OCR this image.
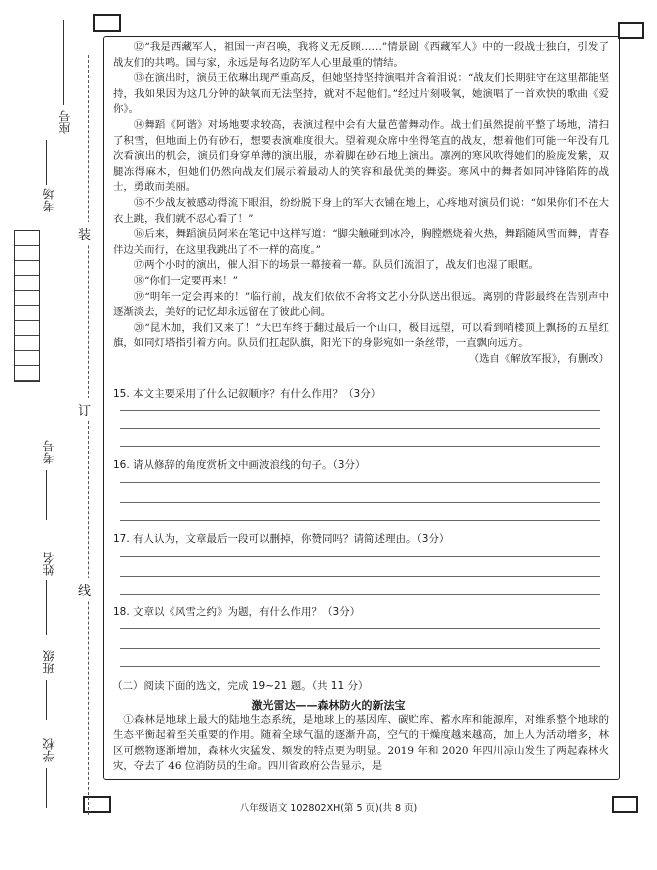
座号
考场
考号
姓名
班级
学校
装
订
线

⑫“我是西藏军人，祖国一声召唤，我将义无反顾……”情景剧《西藏军人》中的一段战士独白，引发了战友们的共鸣。国与家，永远是每名边防军人心里最重的情结。

⑬在演出时，演员王依琳出现严重高反，但她坚持坚持演唱并含着泪说：“战友们长期驻守在这里都能坚持，我如果因为这几分钟的缺氧而无法坚持，就对不起他们。”经过片刻吸氧，她演唱了一首欢快的歌曲《爱你》。

⑭舞蹈《阿谐》对场地要求较高，表演过程中会有大量芭蕾舞动作。战士们虽然提前平整了场地，清扫了积雪，但地面上仍有砂石，想要表演难度很大。望着观众席中坐得笔直的战友，想着他们可能一年没有几次看演出的机会，演员们身穿单薄的演出服，赤着脚在砂石地上演出。凛冽的寒风吹得她们的脸庞发紫，双腿冻得麻木，但她们仍然向战友们展示着最动人的笑容和最优美的舞姿。寒风中的舞者如同冲锋陷阵的战士，勇敢而美丽。

⑮不少战友被感动得流下眼泪，纷纷脱下身上的军大衣铺在地上，心疼地对演员们说：“如果你们不在大衣上跳，我们就不忍心看了！”

⑯后来，舞蹈演员阿米在笔记中这样写道：“脚尖触碰到冰冷，胸膛燃烧着火热，舞蹈随风雪而舞，青春伴边关而行，在这里我跳出了不一样的高度。”

⑰两个小时的演出，催人泪下的场景一幕接着一幕。队员们流泪了，战友们也湿了眼眶。

⑱“你们一定要再来！”

⑲“明年一定会再来的！”临行前，战友们依依不舍将文艺小分队送出很远。离别的背影最终在告别声中逐渐淡去，美好的记忆却永远留在了彼此心间。

⑳“昆木加，我们又来了！”大巴车终于翻过最后一个山口，极目远望，可以看到哨楼顶上飘扬的五星红旗，如同灯塔指引着方向。队员们扛起队旗，阳光下的身影宛如一条丝带，一直飘向远方。

（选自《解放军报》，有删改）

15. 本文主要采用了什么记叙顺序？有什么作用？（3分）
16. 请从修辞的角度赏析文中画波浪线的句子。（3分）
17. 有人认为，文章最后一段可以删掉，你赞同吗？请简述理由。（3分）
18. 文章以《风雪之约》为题，有什么作用？（3分）
（二）阅读下面的选文，完成 19~21 题。（共 11 分）
激光雷达——森林防火的新法宝
①森林是地球上最大的陆地生态系统，是地球上的基因库、碳贮库、蓄水库和能源库，对维系整个地球的生态平衡起着至关重要的作用。随着全球气温的逐渐升高，空气的干燥度越来越高，加上人为活动增多，林区可燃物逐渐增加，森林火灾猛发、频发的特点更为明显。2019 年和 2020 年四川凉山发生了两起森林火灾，夺去了 46 位消防员的生命。四川省政府公告显示，是
八年级语文 102802XH(第 5 页)(共 8 页)
